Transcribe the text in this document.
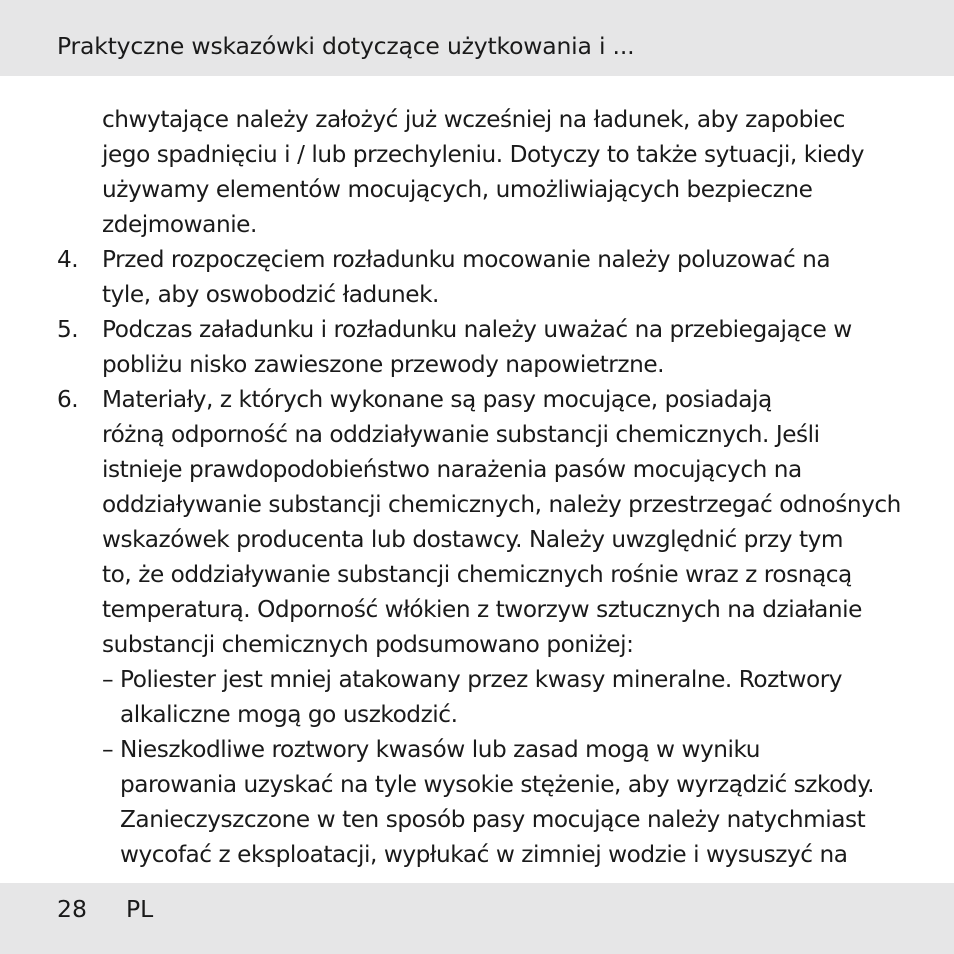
Praktyczne wskazówki dotyczące użytkowania i ...
chwytające należy założyć już wcześniej na ładunek, aby zapobiec
jego spadnięciu i / lub przechyleniu. Dotyczy to także sytuacji, kiedy
używamy elementów mocujących, umożliwiających bezpieczne
zdejmowanie.
4. Przed rozpoczęciem rozładunku mocowanie należy poluzować na
tyle, aby oswobodzić ładunek.
5. Podczas załadunku i rozładunku należy uważać na przebiegające w
pobliżu nisko zawieszone przewody napowietrzne.
6. Materiały, z których wykonane są pasy mocujące, posiadają
różną odporność na oddziaływanie substancji chemicznych. Jeśli
istnieje prawdopodobieństwo narażenia pasów mocujących na
oddziaływanie substancji chemicznych, należy przestrzegać odnośnych
wskazówek producenta lub dostawcy. Należy uwzględnić przy tym
to, że oddziaływanie substancji chemicznych rośnie wraz z rosnącą
temperaturą. Odporność włókien z tworzyw sztucznych na działanie
substancji chemicznych podsumowano poniżej:
– Poliester jest mniej atakowany przez kwasy mineralne. Roztwory
alkaliczne mogą go uszkodzić.
– Nieszkodliwe roztwory kwasów lub zasad mogą w wyniku
parowania uzyskać na tyle wysokie stężenie, aby wyrządzić szkody.
Zanieczyszczone w ten sposób pasy mocujące należy natychmiast
wycofać z eksploatacji, wypłukać w zimniej wodzie i wysuszyć na
28 PL
